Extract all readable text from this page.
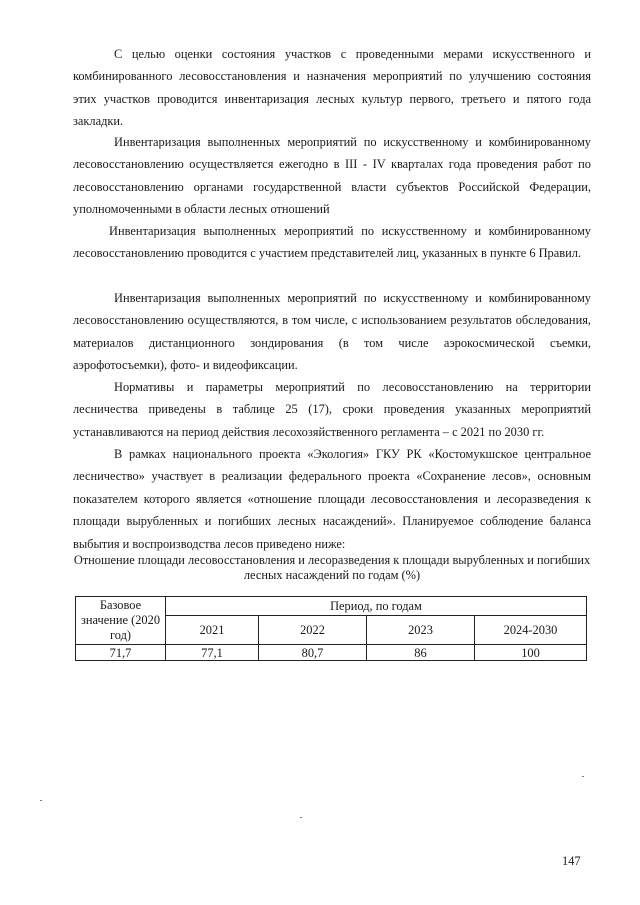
С целью оценки состояния участков с проведенными мерами искусственного и комбинированного лесовосстановления и назначения мероприятий по улучшению состояния этих участков проводится инвентаризация лесных культур первого, третьего и пятого года закладки.

Инвентаризация выполненных мероприятий по искусственному и комбинированному лесовосстановлению осуществляется ежегодно в III - IV кварталах года проведения работ по лесовосстановлению органами государственной власти субъектов Российской Федерации, уполномоченными в области лесных отношений

Инвентаризация выполненных мероприятий по искусственному и комбинированному лесовосстановлению проводится с участием представителей лиц, указанных в пункте 6 Правил.

Инвентаризация выполненных мероприятий по искусственному и комбинированному лесовосстановлению осуществляются, в том числе, с использованием результатов обследования, материалов дистанционного зондирования (в том числе аэрокосмической съемки, аэрофотосъемки), фото- и видеофиксации.

Нормативы и параметры мероприятий по лесовосстановлению на территории лесничества приведены в таблице 25 (17), сроки проведения указанных мероприятий устанавливаются на период действия лесохозяйственного регламента – с 2021 по 2030 гг.

В рамках национального проекта «Экология» ГКУ РК «Костомукшское центральное лесничество» участвует в реализации федерального проекта «Сохранение лесов», основным показателем которого является «отношение площади лесовосстановления и лесоразведения к площади вырубленных и погибших лесных насаждений». Планируемое соблюдение баланса выбытия и воспроизводства лесов приведено ниже:

Отношение площади лесовосстановления и лесоразведения к площади вырубленных и погибших лесных насаждений по годам (%)
Базовое значение (2020 год)	Период, по годам			
	2021	2022	2023	2024-2030
71,7	77,1	80,7	86	100
147
